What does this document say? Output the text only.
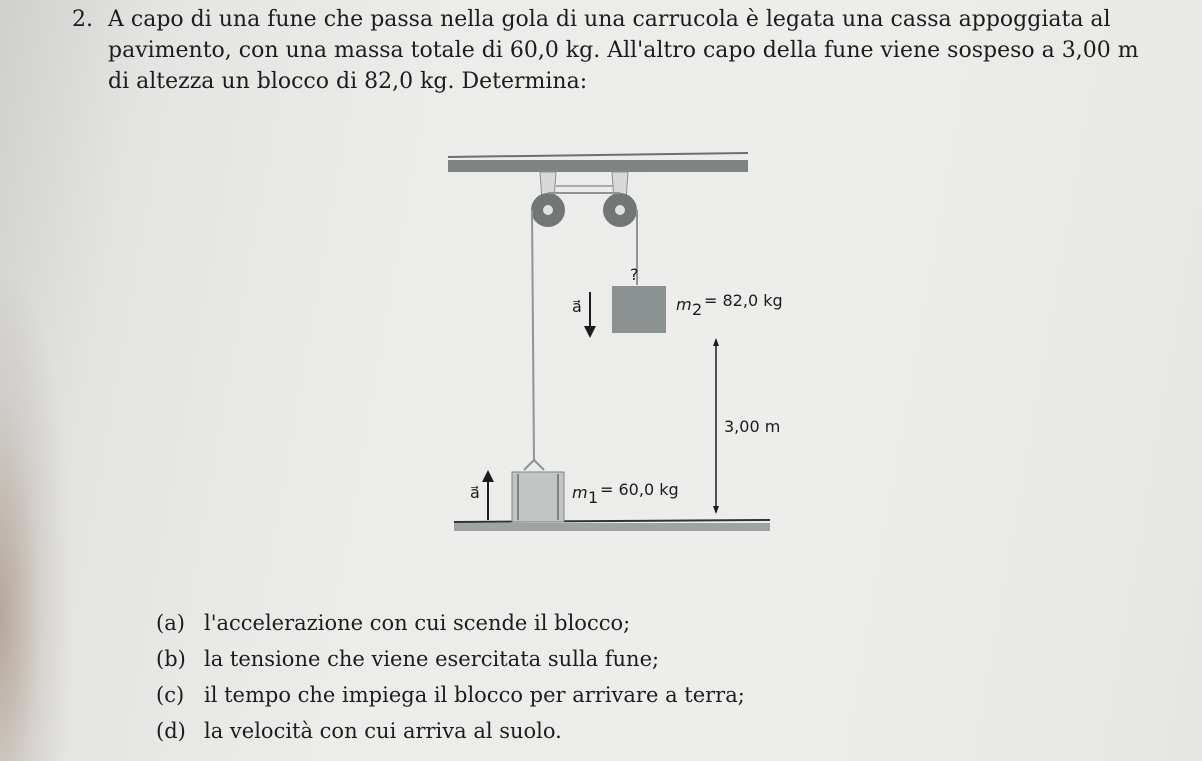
2. A capo di una fune che passa nella gola di una carrucola è legata una cassa appoggiata al
pavimento, con una massa totale di 60,0 kg. All'altro capo della fune viene sospeso a 3,00 m
di altezza un blocco di 82,0 kg. Determina:
?
a⃗	m 2 = 82,0 kg
3,00 m
a⃗	m 1 = 60,0 kg
(a) l'accelerazione con cui scende il blocco;
(b) la tensione che viene esercitata sulla fune;
(c) il tempo che impiega il blocco per arrivare a terra;
(d) la velocità con cui arriva al suolo.
